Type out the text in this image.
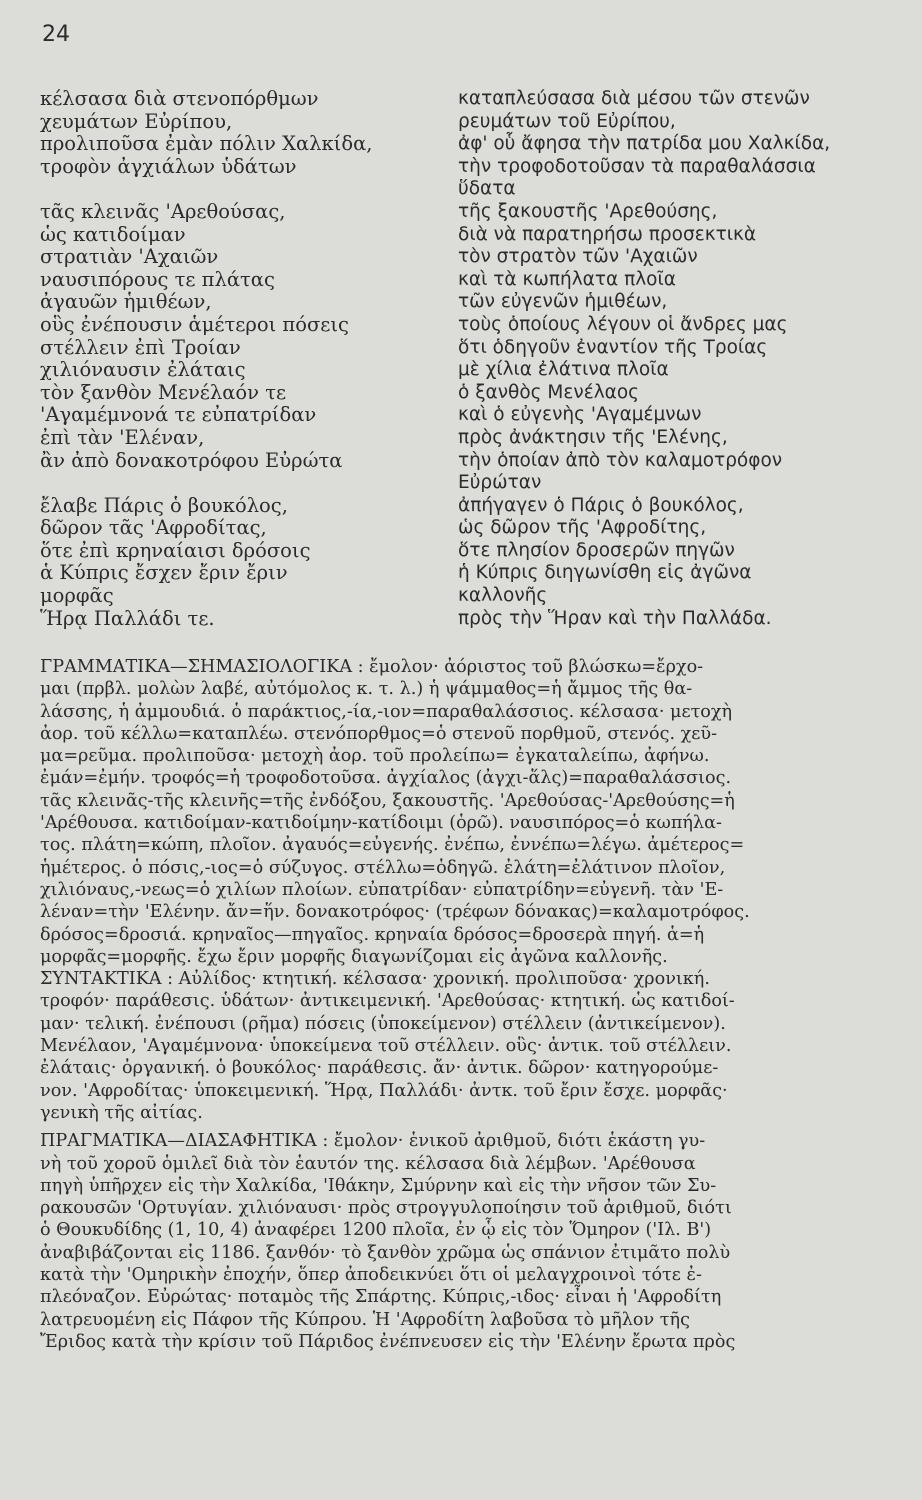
24
κέλσασα διὰ στενοπόρθμων
χευμάτων Εὐρίπου,
προλιποῦσα ἐμὰν πόλιν Χαλκίδα,
τροφὸν ἀγχιάλων ὑδάτων
τᾶς κλεινᾶς 'Αρεθούσας,
ὡς κατιδοίμαν
στρατιὰν 'Αχαιῶν
ναυσιπόρους τε πλάτας
ἀγαυῶν ἡμιθέων,
οὓς ἐνέπουσιν ἁμέτεροι πόσεις
στέλλειν ἐπὶ Τροίαν
χιλιόναυσιν ἐλάταις
τὸν ξανθὸν Μενέλαόν τε
'Αγαμέμνονά τε εὐπατρίδαν
ἐπὶ τὰν 'Ελέναν,
ἂν ἀπὸ δονακοτρόφου Εὐρώτα
ἔλαβε Πάρις ὁ βουκόλος,
δῶρον τᾶς 'Αφροδίτας,
ὅτε ἐπὶ κρηναίαισι δρόσοις
ἁ Κύπρις ἔσχεν ἔριν ἔριν
μορφᾶς
Ἥρᾳ Παλλάδι τε.
καταπλεύσασα διὰ μέσου τῶν στενῶν
ρευμάτων τοῦ Εὐρίπου,
ἀφ' οὗ ἄφησα τὴν πατρίδα μου Χαλκίδα,
τὴν τροφοδοτοῦσαν τὰ παραθαλάσσια
ὕδατα
τῆς ξακουστῆς 'Αρεθούσης,
διὰ νὰ παρατηρήσω προσεκτικὰ
τὸν στρατὸν τῶν 'Αχαιῶν
καὶ τὰ κωπήλατα πλοῖα
τῶν εὐγενῶν ἡμιθέων,
τοὺς ὁποίους λέγουν οἱ ἄνδρες μας
ὅτι ὁδηγοῦν ἐναντίον τῆς Τροίας
μὲ χίλια ἐλάτινα πλοῖα
ὁ ξανθὸς Μενέλαος
καὶ ὁ εὐγενὴς 'Αγαμέμνων
πρὸς ἀνάκτησιν τῆς 'Ελένης,
τὴν ὁποίαν ἀπὸ τὸν καλαμοτρόφον
Εὐρώταν
ἀπήγαγεν ὁ Πάρις ὁ βουκόλος,
ὡς δῶρον τῆς 'Αφροδίτης,
ὅτε πλησίον δροσερῶν πηγῶν
ἡ Κύπρις διηγωνίσθη εἰς ἀγῶνα
καλλονῆς
πρὸς τὴν Ἥραν καὶ τὴν Παλλάδα.
ΓΡΑΜΜΑΤΙΚΑ—ΣΗΜΑΣΙΟΛΟΓΙΚΑ : ἔμολον· ἀόριστος τοῦ βλώσκω=ἔρχο-
μαι (πρβλ. μολὼν λαβέ, αὐτόμολος κ. τ. λ.) ἡ ψάμμαθος=ἡ ἄμμος τῆς θα-
λάσσης, ἡ ἀμμουδιά. ὁ παράκτιος,-ία,-ιον=παραθαλάσσιος. κέλσασα· μετοχὴ
ἀορ. τοῦ κέλλω=καταπλέω. στενόπορθμος=ὁ στενοῦ πορθμοῦ, στενός. χεῦ-
μα=ρεῦμα. προλιποῦσα· μετοχὴ ἀορ. τοῦ προλείπω= ἐγκαταλείπω, ἀφήνω.
ἐμάν=ἐμήν. τροφός=ἡ τροφοδοτοῦσα. ἀγχίαλος (ἀγχι-ἅλς)=παραθαλάσσιος.
τᾶς κλεινᾶς-τῆς κλεινῆς=τῆς ἐνδόξου, ξακουστῆς. 'Αρεθούσας-'Αρεθούσης=ἡ
'Αρέθουσα. κατιδοίμαν-κατιδοίμην-κατίδοιμι (ὁρῶ). ναυσιπόρος=ὁ κωπήλα-
τος. πλάτη=κώπη, πλοῖον. ἀγαυός=εὐγενής. ἐνέπω, ἐννέπω=λέγω. ἀμέτερος=
ἡμέτερος. ὁ πόσις,-ιος=ὁ σύζυγος. στέλλω=ὁδηγῶ. ἐλάτη=ἐλάτινον πλοῖον,
χιλιόναυς,-νεως=ὁ χιλίων πλοίων. εὐπατρίδαν· εὐπατρίδην=εὐγενῆ. τὰν 'Ε-
λέναν=τὴν 'Ελένην. ἄν=ἥν. δονακοτρόφος· (τρέφων δόνακας)=καλαμοτρόφος.
δρόσος=δροσιά. κρηναῖος—πηγαῖος. κρηναία δρόσος=δροσερὰ πηγή. ἁ=ἡ
μορφᾶς=μορφῆς. ἔχω ἔριν μορφῆς διαγωνίζομαι εἰς ἀγῶνα καλλονῆς.
ΣΥΝΤΑΚΤΙΚΑ : Αὐλίδος· κτητική. κέλσασα· χρονική. προλιποῦσα· χρονική.
τροφόν· παράθεσις. ὑδάτων· ἀντικειμενική. 'Αρεθούσας· κτητική. ὡς κατιδοί-
μαν· τελική. ἐνέπουσι (ρῆμα) πόσεις (ὑποκείμενον) στέλλειν (ἀντικείμενον).
Μενέλαον, 'Αγαμέμνονα· ὑποκείμενα τοῦ στέλλειν. οὓς· ἀντικ. τοῦ στέλλειν.
ἐλάταις· ὀργανική. ὁ βουκόλος· παράθεσις. ἄν· ἀντικ. δῶρον· κατηγορούμε-
νον. 'Αφροδίτας· ὑποκειμενική. Ἥρᾳ, Παλλάδι· ἀντκ. τοῦ ἔριν ἔσχε. μορφᾶς·
γενικὴ τῆς αἰτίας.
ΠΡΑΓΜΑΤΙΚΑ—ΔΙΑΣΑΦΗΤΙΚΑ : ἔμολον· ἑνικοῦ ἀριθμοῦ, διότι ἑκάστη γυ-
νὴ τοῦ χοροῦ ὁμιλεῖ διὰ τὸν ἑαυτόν της. κέλσασα διὰ λέμβων. 'Αρέθουσα
πηγὴ ὑπῆρχεν εἰς τὴν Χαλκίδα, 'Ιθάκην, Σμύρνην καὶ εἰς τὴν νῆσον τῶν Συ-
ρακουσῶν 'Ορτυγίαν. χιλιόναυσι· πρὸς στρογγυλοποίησιν τοῦ ἀριθμοῦ, διότι
ὁ Θουκυδίδης (1, 10, 4) ἀναφέρει 1200 πλοῖα, ἐν ᾧ εἰς τὸν Ὅμηρον ('Ιλ. Β')
ἀναβιβάζονται εἰς 1186. ξανθόν· τὸ ξανθὸν χρῶμα ὡς σπάνιον ἐτιμᾶτο πολὺ
κατὰ τὴν 'Ομηρικὴν ἐποχήν, ὅπερ ἀποδεικνύει ὅτι οἱ μελαγχροινοὶ τότε ἐ-
πλεόναζον. Εὐρώτας· ποταμὸς τῆς Σπάρτης. Κύπρις,-ιδος· εἶναι ἡ 'Αφροδίτη
λατρευομένη εἰς Πάφον τῆς Κύπρου. Ἡ 'Αφροδίτη λαβοῦσα τὸ μῆλον τῆς
Ἔριδος κατὰ τὴν κρίσιν τοῦ Πάριδος ἐνέπνευσεν εἰς τὴν 'Ελένην ἔρωτα πρὸς
